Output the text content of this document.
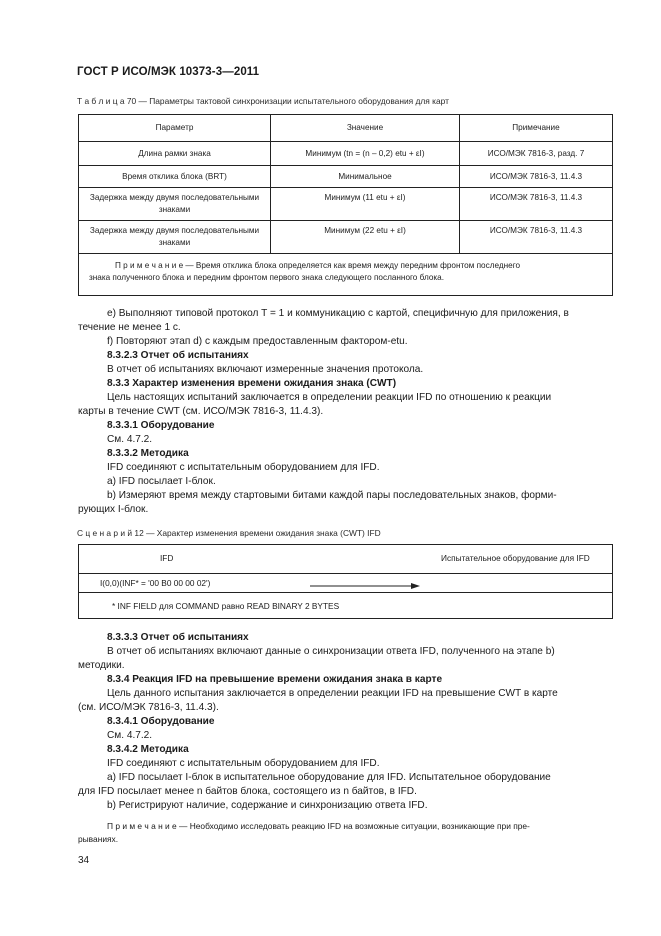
ГОСТ Р ИСО/МЭК 10373-3—2011
Т а б л и ц а 70 — Параметры тактовой синхронизации испытательного оборудования для карт
Параметр	Значение	Примечание
Длина рамки знака	Минимум (tn = (n – 0,2) etu + εI)	ИСО/МЭК 7816-3, разд. 7
Время отклика блока (BRT)	Минимальное	ИСО/МЭК 7816-3, 11.4.3
Задержка между двумя последовательными знаками	Минимум (11 etu + εI)	ИСО/МЭК 7816-3, 11.4.3
Задержка между двумя последовательными знаками	Минимум (22 etu + εI)	ИСО/МЭК 7816-3, 11.4.3
П р и м е ч а н и е — Время отклика блока определяется как время между передним фронтом последнего
знака полученного блока и передним фронтом первого знака следующего посланного блока.		
е) Выполняют типовой протокол T = 1 и коммуникацию с картой, специфичную для приложения, в
течение не менее 1 с.
f) Повторяют этап d) с каждым предоставленным фактором-etu.
8.3.2.3 Отчет об испытаниях
В отчет об испытаниях включают измеренные значения протокола.
8.3.3 Характер изменения времени ожидания знака (CWT)
Цель настоящих испытаний заключается в определении реакции IFD по отношению к реакции
карты в течение CWT (см. ИСО/МЭК 7816-3, 11.4.3).
8.3.3.1 Оборудование
См. 4.7.2.
8.3.3.2 Методика
IFD соединяют с испытательным оборудованием для IFD.
а) IFD посылает I-блок.
b) Измеряют время между стартовыми битами каждой пары последовательных знаков, форми-
рующих I-блок.
С ц е н а р и й 12 — Характер изменения времени ожидания знака (CWT) IFD
IFD	Испытательное оборудование для IFD
I(0,0)(INF* = '00 B0 00 00 02')
* INF FIELD для COMMAND равно READ BINARY 2 BYTES
8.3.3.3 Отчет об испытаниях
В отчет об испытаниях включают данные о синхронизации ответа IFD, полученного на этапе b)
методики.
8.3.4 Реакция IFD на превышение времени ожидания знака в карте
Цель данного испытания заключается в определении реакции IFD на превышение CWT в карте
(см. ИСО/МЭК 7816-3, 11.4.3).
8.3.4.1 Оборудование
См. 4.7.2.
8.3.4.2 Методика
IFD соединяют с испытательным оборудованием для IFD.
а) IFD посылает I-блок в испытательное оборудование для IFD. Испытательное оборудование
для IFD посылает менее n байтов блока, состоящего из n байтов, в IFD.
b) Регистрируют наличие, содержание и синхронизацию ответа IFD.
П р и м е ч а н и е — Необходимо исследовать реакцию IFD на возможные ситуации, возникающие при пре-
рываниях.
34
